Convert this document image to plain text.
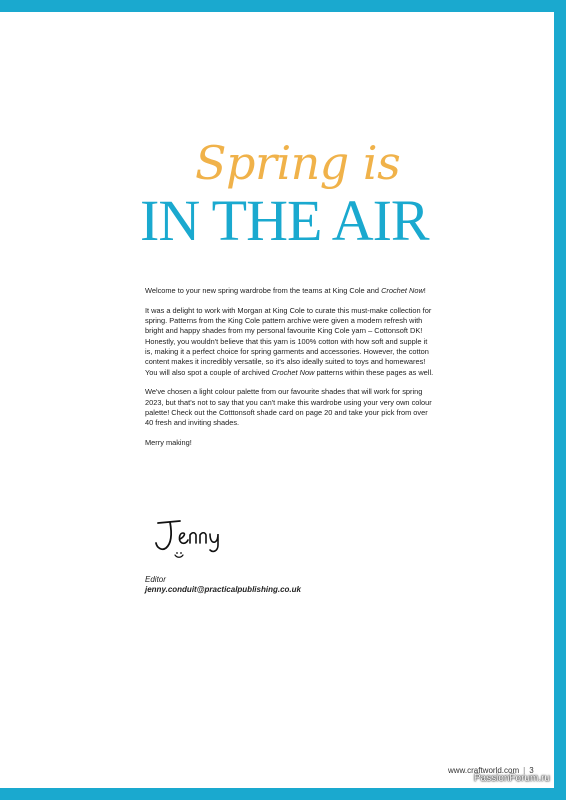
Spring is
IN THE AIR

Welcome to your new spring wardrobe from the teams at King Cole and Crochet Now!

It was a delight to work with Morgan at King Cole to curate this must-make collection for spring. Patterns from the King Cole pattern archive were given a modern refresh with bright and happy shades from my personal favourite King Cole yarn – Cottonsoft DK! Honestly, you wouldn't believe that this yarn is 100% cotton with how soft and supple it is, making it a perfect choice for spring garments and accessories. However, the cotton content makes it incredibly versatile, so it's also ideally suited to toys and homewares! You will also spot a couple of archived Crochet Now patterns within these pages as well.

We've chosen a light colour palette from our favourite shades that will work for spring 2023, but that's not to say that you can't make this wardrobe using your very own colour palette! Check out the Cotttonsoft shade card on page 20 and take your pick from over 40 fresh and inviting shades.

Merry making!

Editor
jenny.conduit@practicalpublishing.co.uk
www.craftworld.com | 3
PassionForum.ru
